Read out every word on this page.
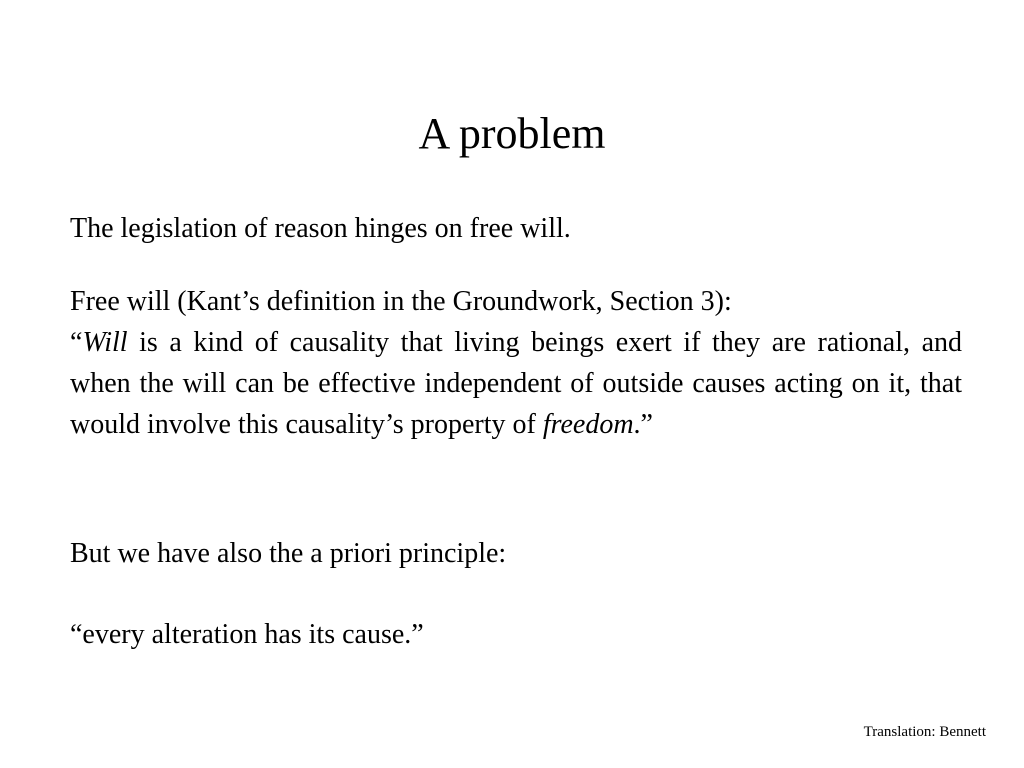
A problem

The legislation of reason hinges on free will.

Free will (Kant’s definition in the Groundwork, Section 3):
“Will is a kind of causality that living beings exert if they are rational, and when the will can be effective independent of outside causes acting on it, that would involve this causality’s property of freedom.”

But we have also the a priori principle:

“every alteration has its cause.”

Translation: Bennett
